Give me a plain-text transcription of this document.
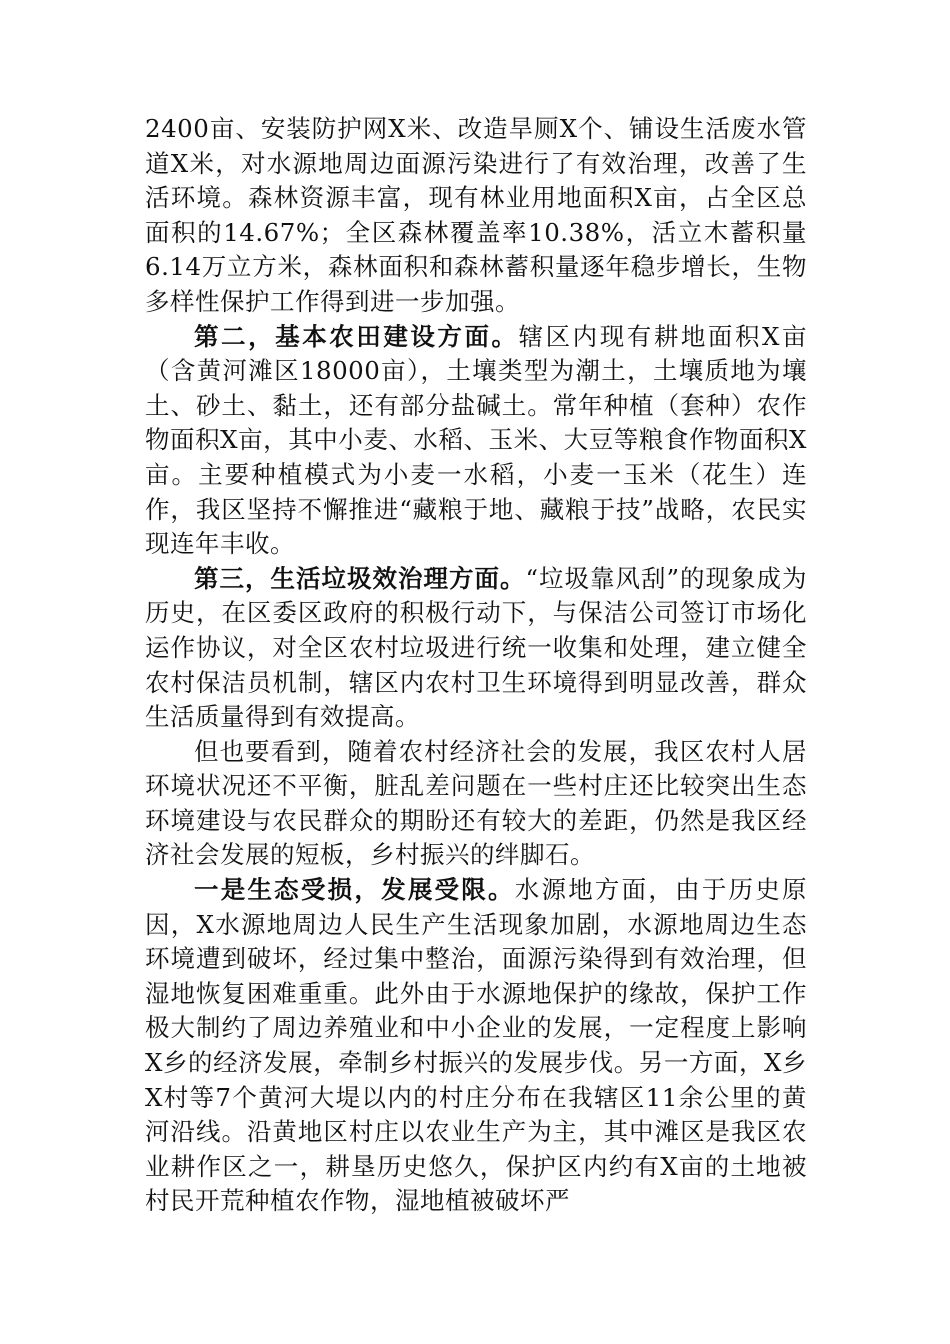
2400亩、安装防护网X米、改造旱厕X个、铺设生活废水管道X米，对水源地周边面源污染进行了有效治理，改善了生活环境。森林资源丰富，现有林业用地面积X亩，占全区总面积的14.67%；全区森林覆盖率10.38%，活立木蓄积量6.14万立方米，森林面积和森林蓄积量逐年稳步增长，生物多样性保护工作得到进一步加强。

第二，基本农田建设方面。辖区内现有耕地面积X亩（含黄河滩区18000亩），土壤类型为潮土，土壤质地为壤土、砂土、黏土，还有部分盐碱土。常年种植（套种）农作物面积X亩，其中小麦、水稻、玉米、大豆等粮食作物面积X亩。主要种植模式为小麦一水稻，小麦一玉米（花生）连作，我区坚持不懈推进“藏粮于地、藏粮于技”战略，农民实现连年丰收。

第三，生活垃圾效治理方面。“垃圾靠风刮”的现象成为历史，在区委区政府的积极行动下，与保洁公司签订市场化运作协议，对全区农村垃圾进行统一收集和处理，建立健全农村保洁员机制，辖区内农村卫生环境得到明显改善，群众生活质量得到有效提高。

但也要看到，随着农村经济社会的发展，我区农村人居环境状况还不平衡，脏乱差问题在一些村庄还比较突出生态环境建设与农民群众的期盼还有较大的差距，仍然是我区经济社会发展的短板，乡村振兴的绊脚石。

一是生态受损，发展受限。水源地方面，由于历史原因，X水源地周边人民生产生活现象加剧，水源地周边生态环境遭到破坏，经过集中整治，面源污染得到有效治理，但湿地恢复困难重重。此外由于水源地保护的缘故，保护工作极大制约了周边养殖业和中小企业的发展，一定程度上影响X乡的经济发展，牵制乡村振兴的发展步伐。另一方面，X乡X村等7个黄河大堤以内的村庄分布在我辖区11余公里的黄河沿线。沿黄地区村庄以农业生产为主，其中滩区是我区农业耕作区之一，耕垦历史悠久，保护区内约有X亩的土地被村民开荒种植农作物，湿地植被破坏严
